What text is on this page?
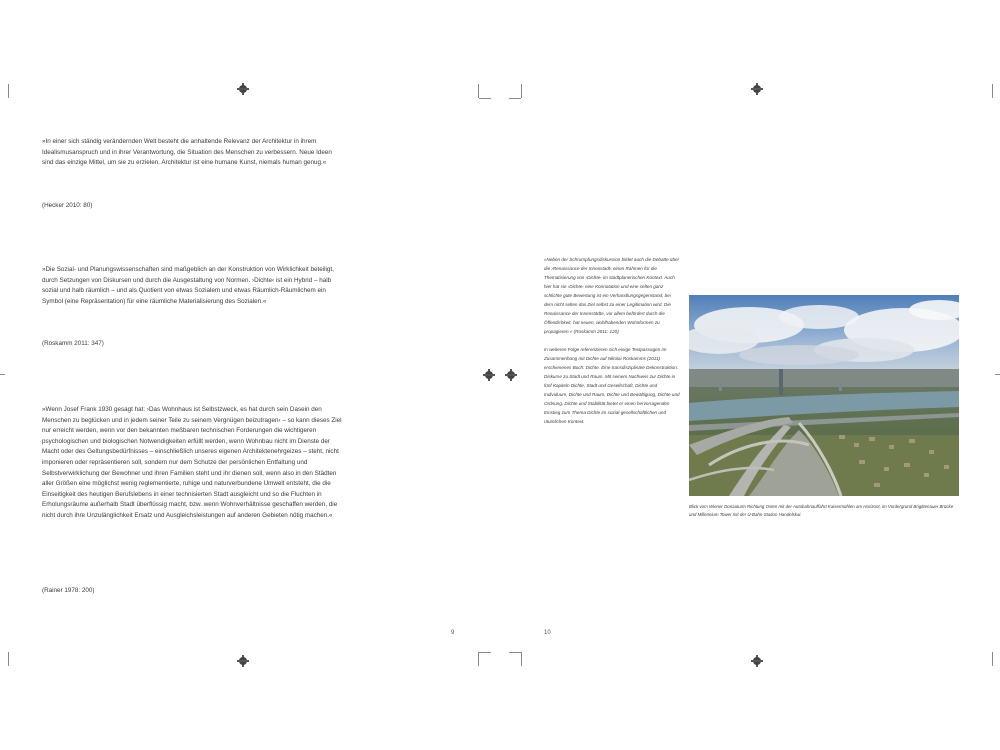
»In einer sich ständig verändernden Welt besteht die anhaltende Relevanz der Architektur in ihrem Idealismusanspruch und in ihrer Verantwortung, die Situation des Menschen zu verbessern. Neue Ideen sind das einzige Mittel, um sie zu erzielen. Architektur ist eine humane Kunst, niemals human genug.«

(Hecker 2010: 80)

»Die Sozial- und Planungswissenschaften sind maßgeblich an der Konstruktion von Wirklichkeit beteiligt, durch Setzungen von Diskursen und durch die Ausgestaltung von Normen. ›Dichte‹ ist ein Hybrid – halb sozial und halb räumlich – und als Quotient von etwas Sozialem und etwas Räumlich-Räumlichem ein Symbol (eine Repräsentation) für eine räumliche Materialisierung des Sozialen.«

(Roskamm 2011: 347)

»Wenn Josef Frank 1930 gesagt hat: ›Das Wohnhaus ist Selbstzweck, es hat durch sein Dasein den Menschen zu beglücken und in jedem seiner Teile zu seinem Vergnügen beizutragen‹ – so kann dieses Ziel nur erreicht werden, wenn vor den bekannten meßbaren technischen Forderungen die wichtigeren psychologischen und biologischen Notwendigkeiten erfüllt werden, wenn Wohnbau nicht im Dienste der Macht oder des Geltungsbedürfnisses – einschließlich unseres eigenen Architektenehrgeizes – steht, nicht imponieren oder repräsentieren soll, sondern nur dem Schutze der persönlichen Entfaltung und Selbstverwirklichung der Bewohner und ihren Familien steht und ihr dienen soll, wenn also in den Städten aller Größen eine möglichst wenig reglementierte, ruhige und naturverbundene Umwelt entsteht, die die Einseitigkeit des heutigen Berufslebens in einer technisierten Stadt ausgleicht und so die Fluchten in Erholungsräume außerhalb Stadt überflüssig macht, bzw. wenn Wohnverhältnisse geschaffen werden, die nicht durch ihre Unzulänglichkeit Ersatz und Ausgleichsleistungen auf anderen Gebieten nötig machen.«

(Rainer 1978: 200)

9

»Neben der Schrumpfungsdiskussion bildet auch die Debatte über die ›Renaissance der Innenstadt‹ einen Rahmen für die Thematisierung von ›Dichte‹ im stadtplanerischen Kontext. Auch hier hat sie ›Dichte‹ eine Konnotation und eine selten ganz schlichte gute Bewertung ist ein Verhandlungsgegenstand, bei dem nicht selten das Ziel selbst zu einer Legitimation wird. Die Renaissance der Innenstädte, vor allem befördert durch die Öffentlichkeit, hat neuen, wohlhabenden Wohnformen zu propagieren.« (Roskamm 2011: 120)

In weiteren Folge referenzieren sich einige Textpassagen im Zusammenhang mit Dichte auf Nikolai Roskamms (2011) erschienenes Buch: Dichte. Eine transdisziplinäre Dekonstruktion. Diskurse zu Stadt und Raum. Mit seinem Nachweis zur Dichte in fünf Kapiteln Dichte, Stadt und Gesellschaft, Dichte und Individuum, Dichte und Raum, Dichte und Bewältigung, Dichte und Ordnung, Dichte und Stabilität bietet er einen hervorragenden Einstieg zum Thema Dichte im sozial-gesellschaftlichen und räumlichen Kontext.

Blick vom Wiener Donauturm Richtung Osten mit der Autobahnauffahrt Kaisermühlen am Horizont, im Vordergrund Brigittenauer Brücke und Millennium Tower mit der U-Bahn-Station Handelskai.
10
